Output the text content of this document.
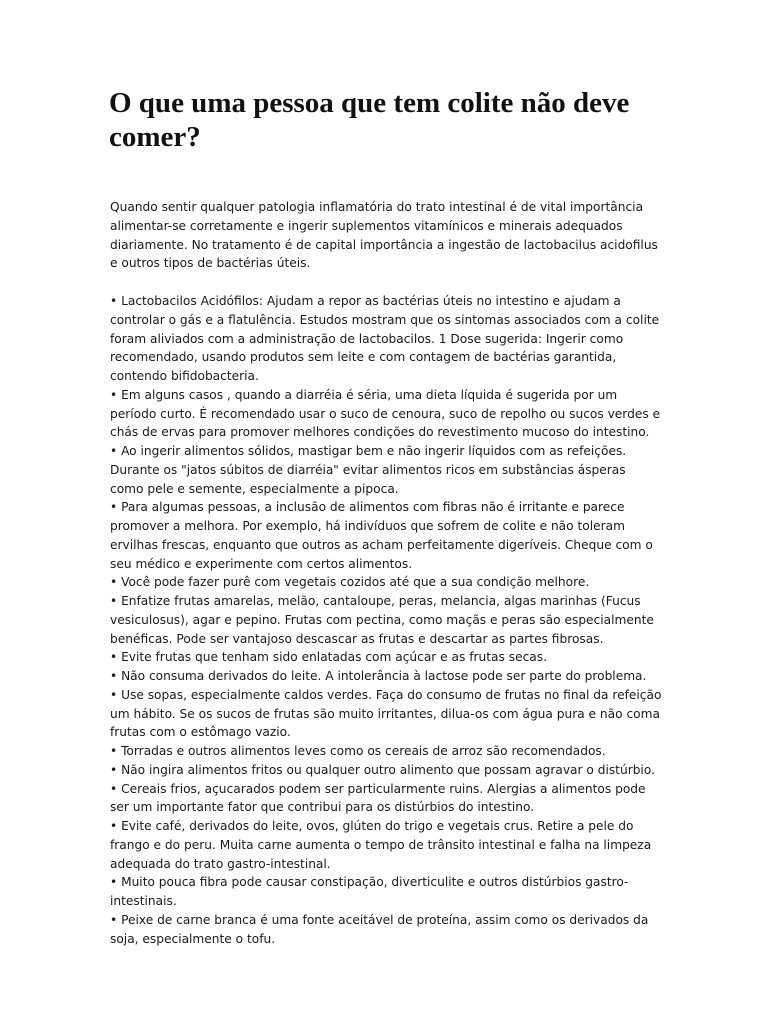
O que uma pessoa que tem colite não deve comer?

Quando sentir qualquer patologia inflamatória do trato intestinal é de vital importância alimentar-se corretamente e ingerir suplementos vitamínicos e minerais adequados diariamente. No tratamento é de capital importância a ingestão de lactobacilus acidofilus e outros tipos de bactérias úteis.

• Lactobacilos Acidófilos: Ajudam a repor as bactérias úteis no intestino e ajudam a controlar o gás e a flatulência. Estudos mostram que os sintomas associados com a colite foram aliviados com a administração de lactobacilos. 1 Dose sugerida: Ingerir como recomendado, usando produtos sem leite e com contagem de bactérias garantida, contendo bifidobacteria.

• Em alguns casos , quando a diarréia é séria, uma dieta líquida é sugerida por um período curto. É recomendado usar o suco de cenoura, suco de repolho ou sucos verdes e chás de ervas para promover melhores condições do revestimento mucoso do intestino.

• Ao ingerir alimentos sólidos, mastigar bem e não ingerir líquidos com as refeições. Durante os "jatos súbitos de diarréia" evitar alimentos ricos em substâncias ásperas como pele e semente, especialmente a pipoca.

• Para algumas pessoas, a inclusão de alimentos com fibras não é irritante e parece promover a melhora. Por exemplo, há indivíduos que sofrem de colite e não toleram ervilhas frescas, enquanto que outros as acham perfeitamente digeríveis. Cheque com o seu médico e experimente com certos alimentos.

• Você pode fazer purê com vegetais cozidos até que a sua condição melhore.

• Enfatize frutas amarelas, melão, cantaloupe, peras, melancia, algas marinhas (Fucus vesiculosus), agar e pepino. Frutas com pectina, como maçãs e peras são especialmente benéficas. Pode ser vantajoso descascar as frutas e descartar as partes fibrosas.

• Evite frutas que tenham sido enlatadas com açúcar e as frutas secas.

• Não consuma derivados do leite. A intolerância à lactose pode ser parte do problema.

• Use sopas, especialmente caldos verdes. Faça do consumo de frutas no final da refeição um hábito. Se os sucos de frutas são muito irritantes, dilua-os com água pura e não coma frutas com o estômago vazio.

• Torradas e outros alimentos leves como os cereais de arroz são recomendados.

• Não ingira alimentos fritos ou qualquer outro alimento que possam agravar o distúrbio.

• Cereais frios, açucarados podem ser particularmente ruins. Alergias a alimentos pode ser um importante fator que contribui para os distúrbios do intestino.

• Evite café, derivados do leite, ovos, glúten do trigo e vegetais crus. Retire a pele do frango e do peru. Muita carne aumenta o tempo de trânsito intestinal e falha na limpeza adequada do trato gastro-intestinal.

• Muito pouca fibra pode causar constipação, diverticulite e outros distúrbios gastro-intestinais.

• Peixe de carne branca é uma fonte aceitável de proteína, assim como os derivados da soja, especialmente o tofu.
